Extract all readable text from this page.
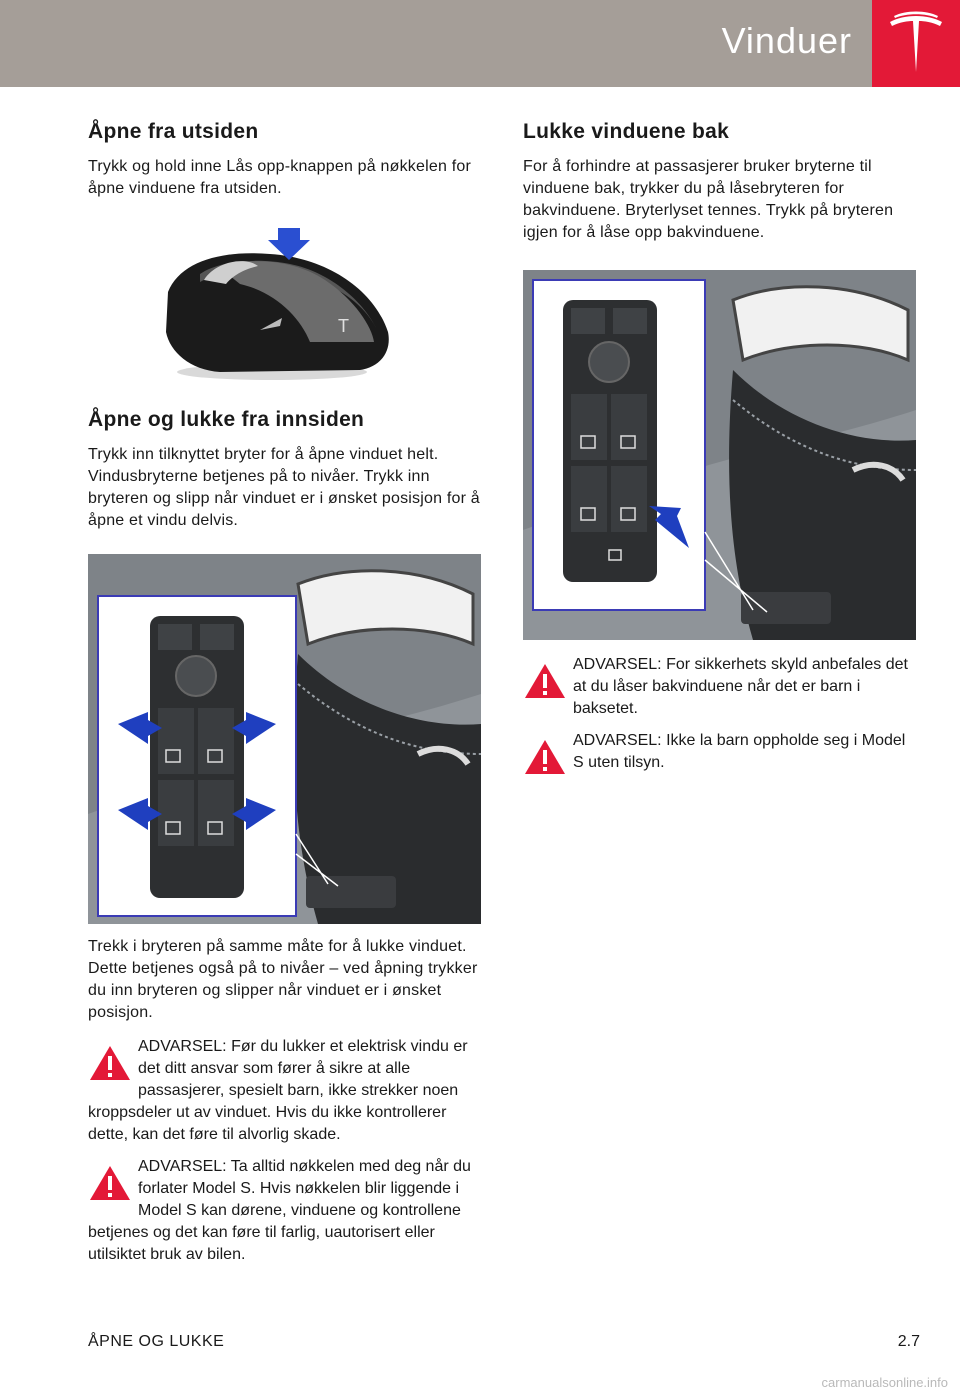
Vinduer
Åpne fra utsiden

Trykk og hold inne Lås opp-knappen på nøkkelen for åpne vinduene fra utsiden.

T
Åpne og lukke fra innsiden

Trykk inn tilknyttet bryter for å åpne vinduet helt. Vindusbryterne betjenes på to nivåer. Trykk inn bryteren og slipp når vinduet er i ønsket posisjon for å åpne et vindu delvis.

Trekk i bryteren på samme måte for å lukke vinduet. Dette betjenes også på to nivåer – ved åpning trykker du inn bryteren og slipper når vinduet er i ønsket posisjon.

ADVARSEL: Før du lukker et elektrisk vindu er det ditt ansvar som fører å sikre at alle passasjerer, spesielt barn, ikke strekker noen kroppsdeler ut av vinduet. Hvis du ikke kontrollerer dette, kan det føre til alvorlig skade.
ADVARSEL: Ta alltid nøkkelen med deg når du forlater Model S. Hvis nøkkelen blir liggende i Model S kan dørene, vinduene og kontrollene betjenes og det kan føre til farlig, uautorisert eller utilsiktet bruk av bilen.
Lukke vinduene bak

For å forhindre at passasjerer bruker bryterne til vinduene bak, trykker du på låsebryteren for bakvinduene. Bryterlyset tennes. Trykk på bryteren igjen for å låse opp bakvinduene.

ADVARSEL: For sikkerhets skyld anbefales det at du låser bakvinduene når det er barn i baksetet.
ADVARSEL: Ikke la barn oppholde seg i Model S uten tilsyn.
ÅPNE OG LUKKE	2.7
carmanualsonline.info
